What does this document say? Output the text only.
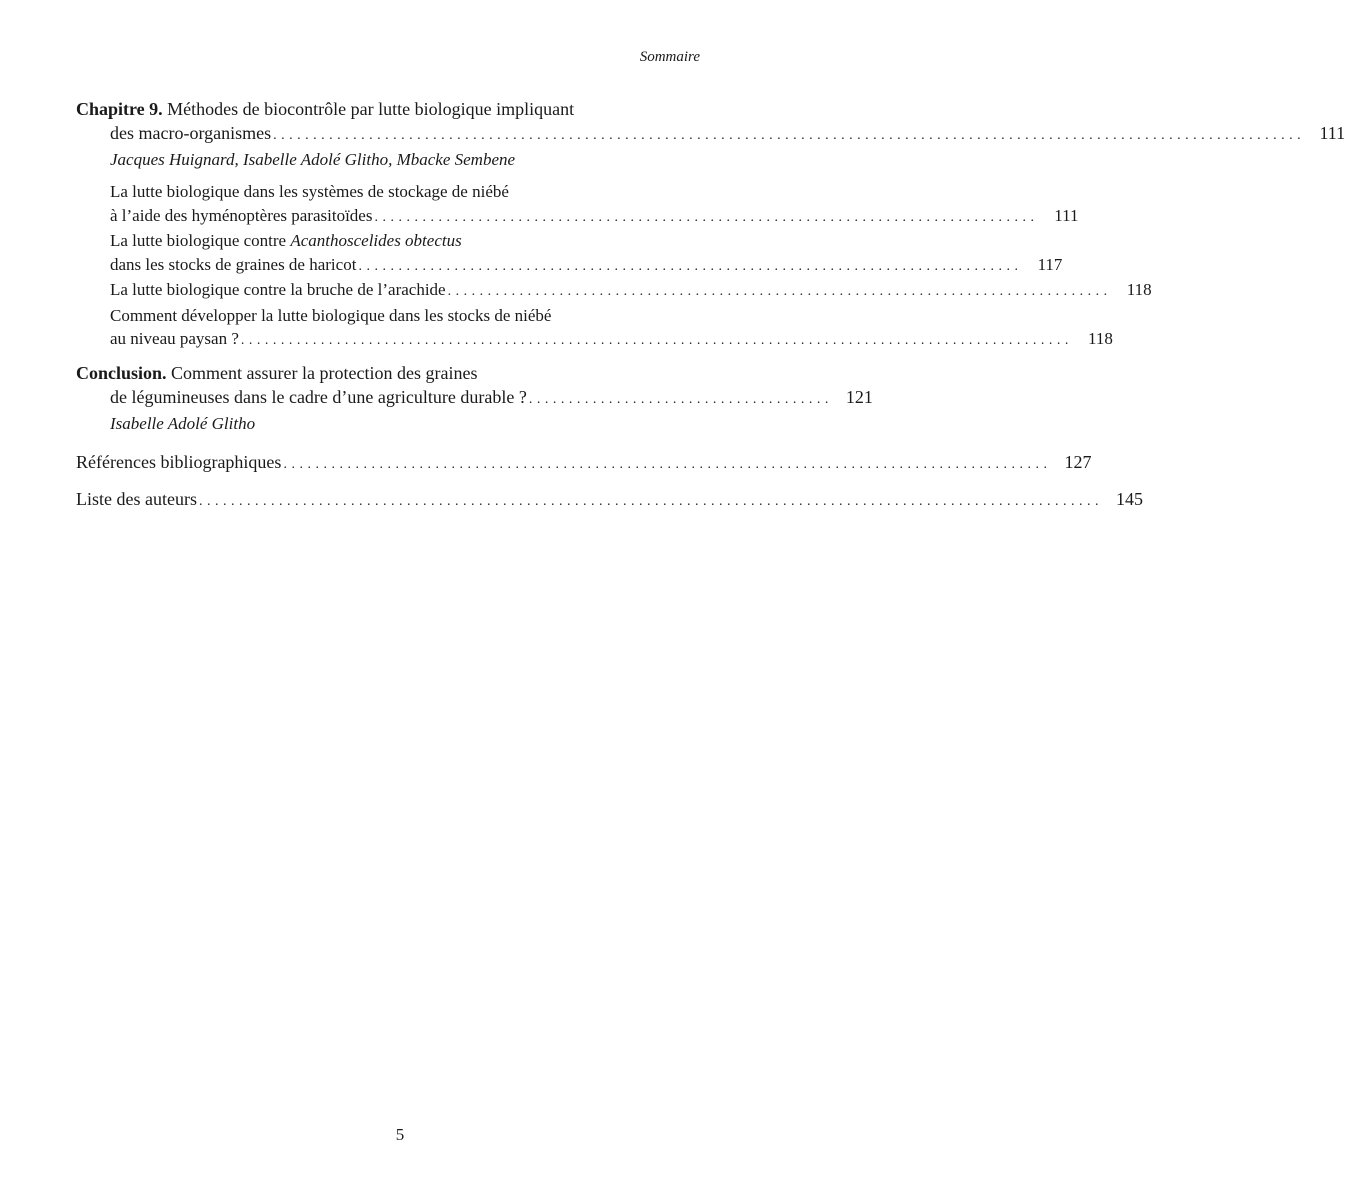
Sommaire
Chapitre 9. Méthodes de biocontrôle par lutte biologique impliquant
des macro-organismes . . . . . . . . . . . . . . . . . . . . . . . . . . . . . . . . . . . . . . . . . . . . . . . . . . . . . . . . . . . . . . . . . . . . . . . . . . . . . . . . . . . . . . . . . . . . . . . . . . . . . . . . . . . . . . . . . . . . . . . . . . . . . . . . .	111
Jacques Huignard, Isabelle Adolé Glitho, Mbacke Sembene
La lutte biologique dans les systèmes de stockage de niébé
à l’aide des hyménoptères parasitoïdes . . . . . . . . . . . . . . . . . . . . . . . . . . . . . . . . . . . . . . . . . . . . . . . . . . . . . . . . . . . . . . . . . . . . . . . . . . . . . . . . . . .	111
La lutte biologique contre Acanthoscelides obtectus
dans les stocks de graines de haricot . . . . . . . . . . . . . . . . . . . . . . . . . . . . . . . . . . . . . . . . . . . . . . . . . . . . . . . . . . . . . . . . . . . . . . . . . . . . . . . . . . .	117
La lutte biologique contre la bruche de l’arachide . . . . . . . . . . . . . . . . . . . . . . . . . . . . . . . . . . . . . . . . . . . . . . . . . . . . . . . . . . . . . . . . . . . . . . . . . . . . . . . . . . .	118
Comment développer la lutte biologique dans les stocks de niébé
au niveau paysan ? . . . . . . . . . . . . . . . . . . . . . . . . . . . . . . . . . . . . . . . . . . . . . . . . . . . . . . . . . . . . . . . . . . . . . . . . . . . . . . . . . . . . . . . . . . . . . . . . . . . . . . . .	118
Conclusion. Comment assurer la protection des graines
de légumineuses dans le cadre d’une agriculture durable ? . . . . . . . . . . . . . . . . . . . . . . . . . . . . . . . . . . . . . . 121
Isabelle Adolé Glitho
Références bibliographiques . . . . . . . . . . . . . . . . . . . . . . . . . . . . . . . . . . . . . . . . . . . . . . . . . . . . . . . . . . . . . . . . . . . . . . . . . . . . . . . . . . . . . . . . . . . . . . . . 127
Liste des auteurs . . . . . . . . . . . . . . . . . . . . . . . . . . . . . . . . . . . . . . . . . . . . . . . . . . . . . . . . . . . . . . . . . . . . . . . . . . . . . . . . . . . . . . . . . . . . . . . . . . . . . . . . . . . . . . . . . 145
5
